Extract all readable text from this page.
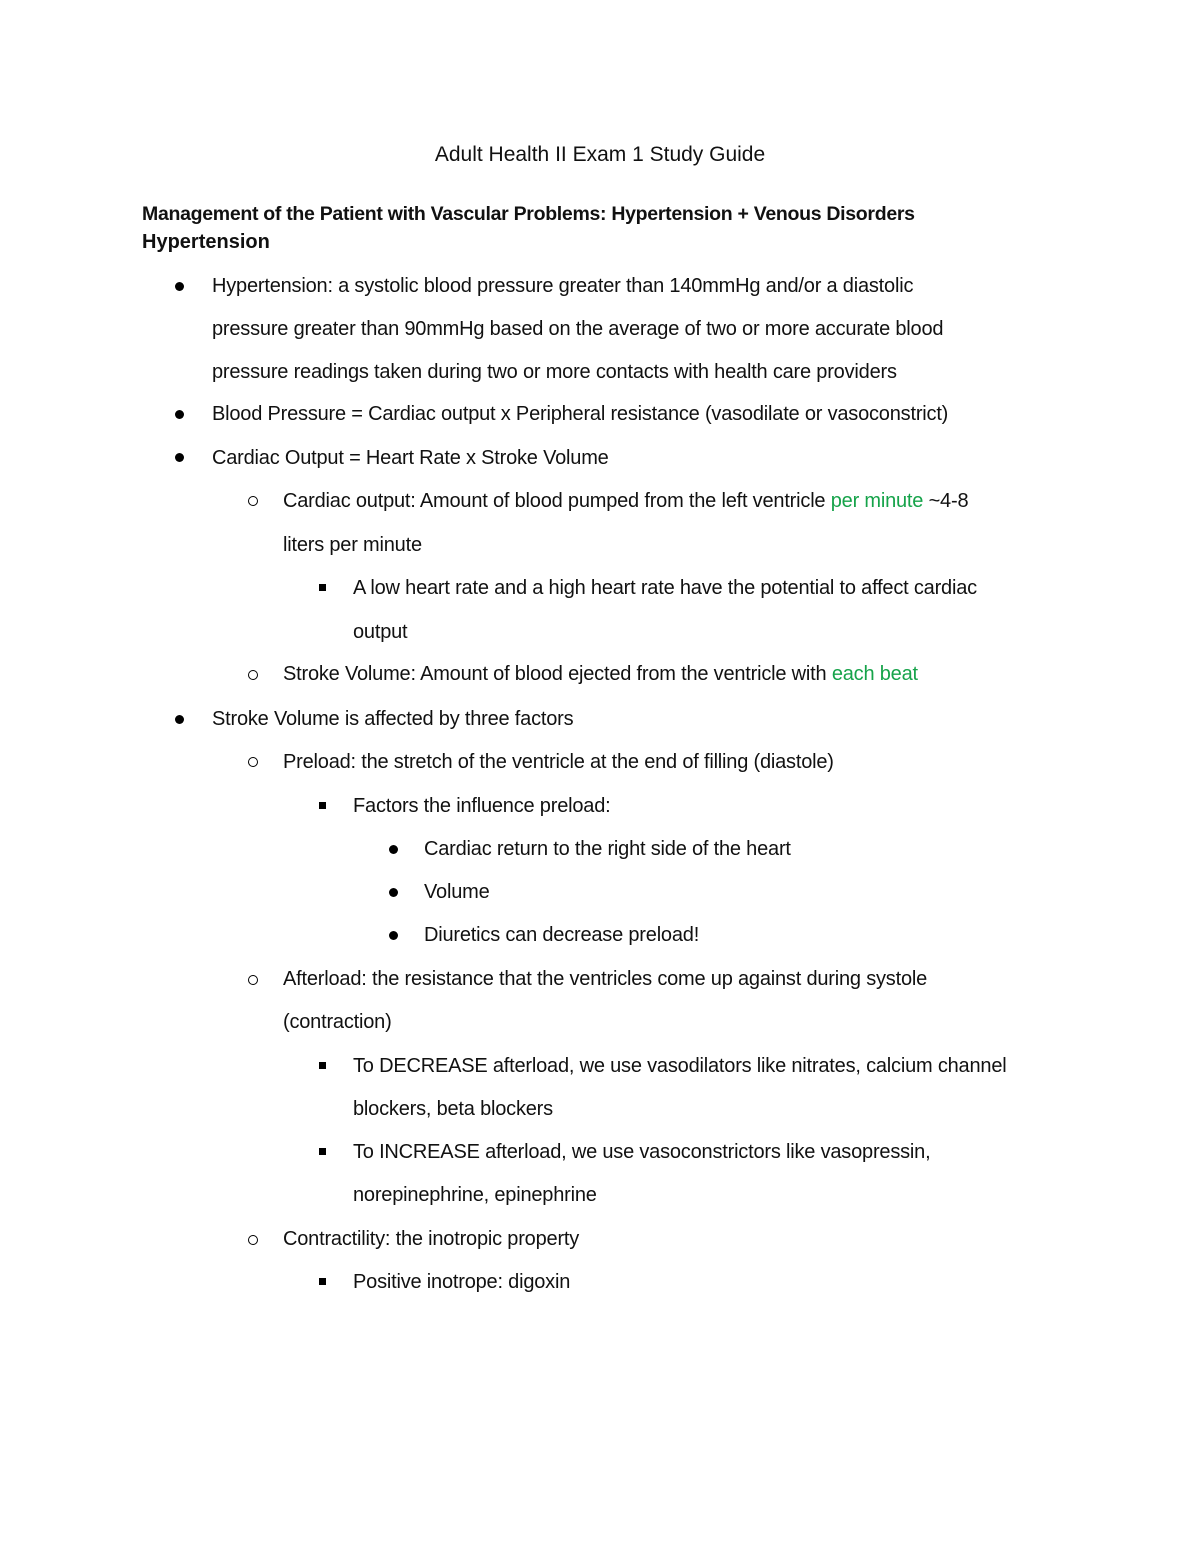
Adult Health II Exam 1 Study Guide
Management of the Patient with Vascular Problems: Hypertension + Venous Disorders
Hypertension
Hypertension: a systolic blood pressure greater than 140mmHg and/or a diastolic
pressure greater than 90mmHg based on the average of two or more accurate blood
pressure readings taken during two or more contacts with health care providers
Blood Pressure = Cardiac output x Peripheral resistance (vasodilate or vasoconstrict)
Cardiac Output = Heart Rate x Stroke Volume
Cardiac output: Amount of blood pumped from the left ventricle per minute ~4-8
liters per minute
A low heart rate and a high heart rate have the potential to affect cardiac
output
Stroke Volume: Amount of blood ejected from the ventricle with each beat
Stroke Volume is affected by three factors
Preload: the stretch of the ventricle at the end of filling (diastole)
Factors the influence preload:
Cardiac return to the right side of the heart
Volume
Diuretics can decrease preload!
Afterload: the resistance that the ventricles come up against during systole
(contraction)
To DECREASE afterload, we use vasodilators like nitrates, calcium channel
blockers, beta blockers
To INCREASE afterload, we use vasoconstrictors like vasopressin,
norepinephrine, epinephrine
Contractility: the inotropic property
Positive inotrope: digoxin
